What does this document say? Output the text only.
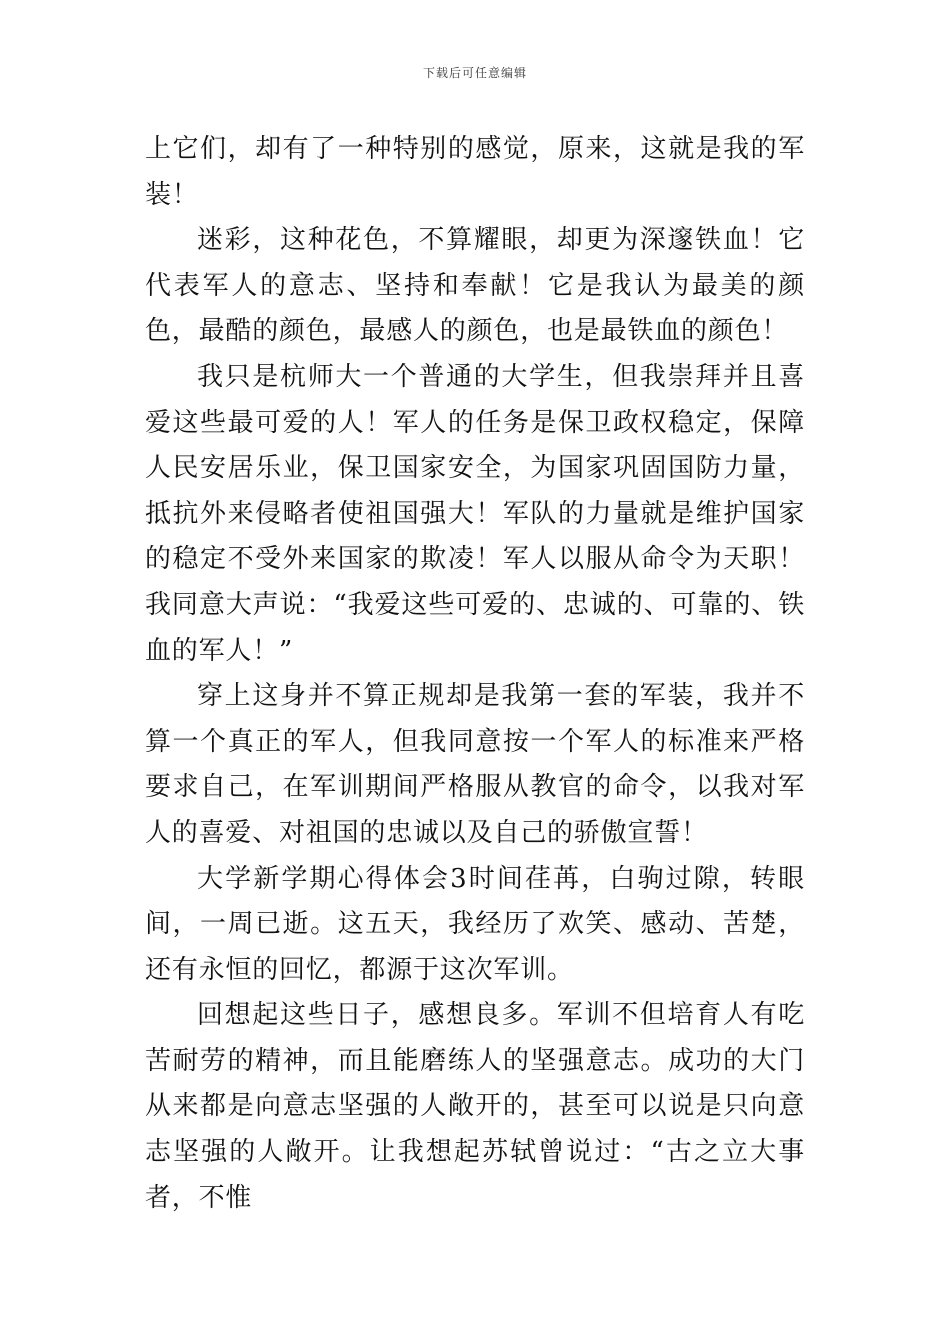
下载后可任意编辑

上它们，却有了一种特别的感觉，原来，这就是我的军装！

迷彩，这种花色，不算耀眼，却更为深邃铁血！它代表军人的意志、坚持和奉献！它是我认为最美的颜色，最酷的颜色，最感人的颜色，也是最铁血的颜色！

我只是杭师大一个普通的大学生，但我崇拜并且喜爱这些最可爱的人！军人的任务是保卫政权稳定，保障人民安居乐业，保卫国家安全，为国家巩固国防力量，抵抗外来侵略者使祖国强大！军队的力量就是维护国家的稳定不受外来国家的欺凌！军人以服从命令为天职！我同意大声说：“我爱这些可爱的、忠诚的、可靠的、铁血的军人！”

穿上这身并不算正规却是我第一套的军装，我并不算一个真正的军人，但我同意按一个军人的标准来严格要求自己，在军训期间严格服从教官的命令，以我对军人的喜爱、对祖国的忠诚以及自己的骄傲宣誓！

大学新学期心得体会3时间荏苒，白驹过隙，转眼间，一周已逝。这五天，我经历了欢笑、感动、苦楚，还有永恒的回忆，都源于这次军训。

回想起这些日子，感想良多。军训不但培育人有吃苦耐劳的精神，而且能磨练人的坚强意志。成功的大门从来都是向意志坚强的人敞开的，甚至可以说是只向意志坚强的人敞开。让我想起苏轼曾说过：“古之立大事者，不惟
